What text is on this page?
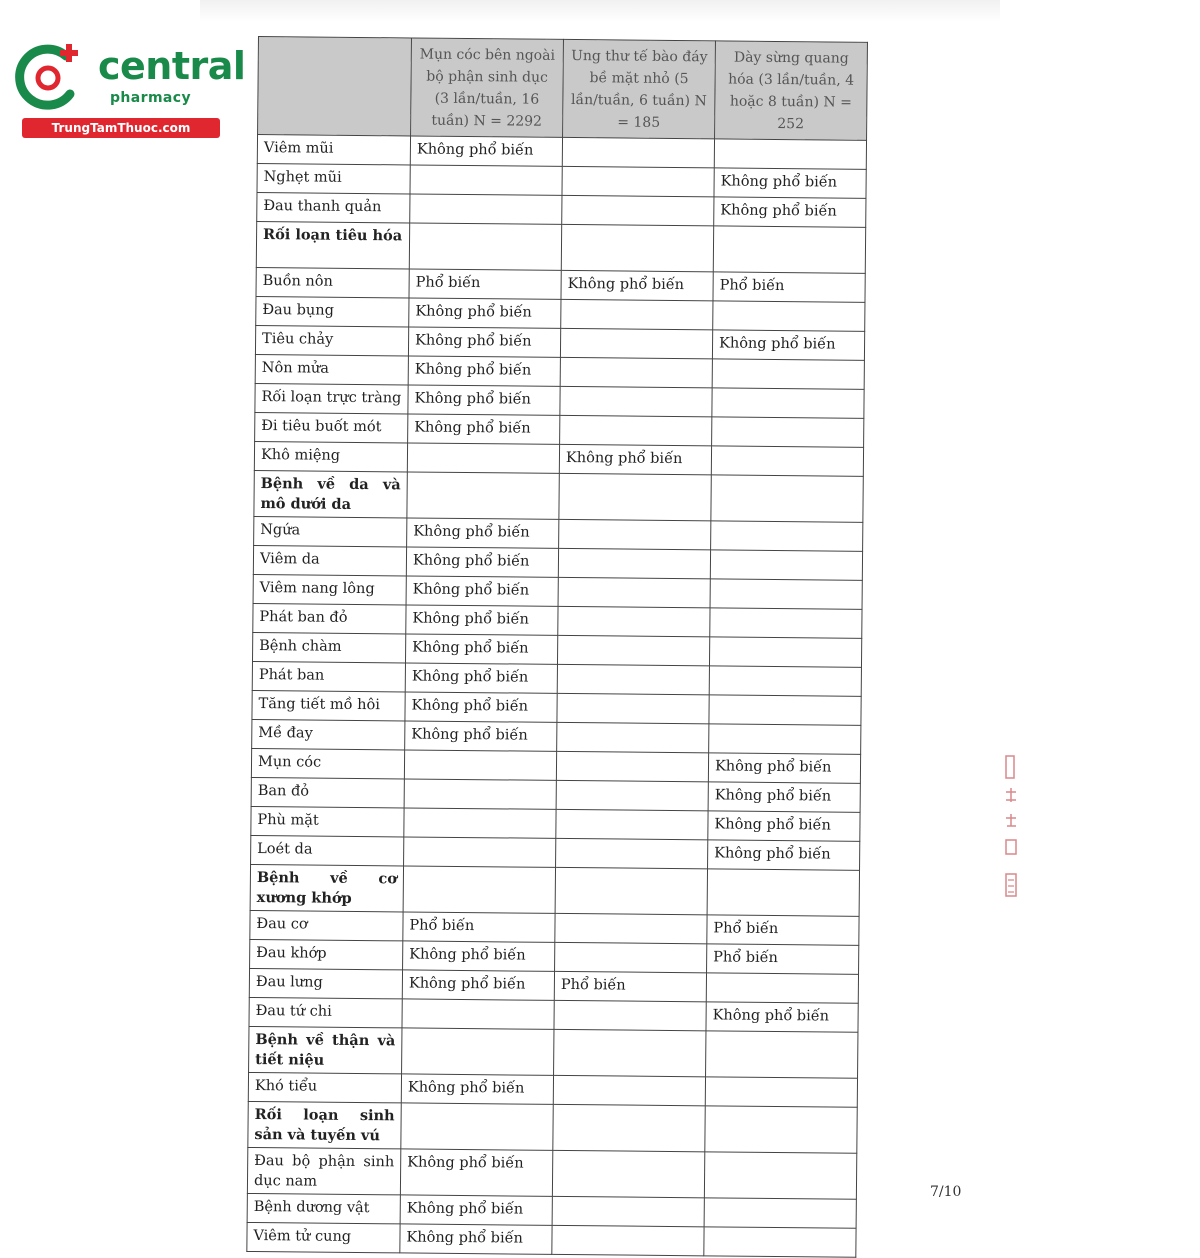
central
pharmacy
TrungTamThuoc.com
	Mụn cóc bên ngoài bộ phận sinh dục (3 lần/tuần, 16 tuần) N = 2292	Ung thư tế bào đáy bề mặt nhỏ (5 lần/tuần, 6 tuần) N = 185	Dày sừng quang hóa (3 lần/tuần, 4 hoặc 8 tuần) N = 252
Viêm mũi	Không phổ biến		
Nghẹt mũi			Không phổ biến
Đau thanh quản			Không phổ biến
Rối loạn tiêu hóa			
Buồn nôn	Phổ biến	Không phổ biến	Phổ biến
Đau bụng	Không phổ biến		
Tiêu chảy	Không phổ biến		Không phổ biến
Nôn mửa	Không phổ biến		
Rối loạn trực tràng	Không phổ biến		
Đi tiêu buốt mót	Không phổ biến		
Khô miệng		Không phổ biến	
Bệnh về da và mô dưới da			
Ngứa	Không phổ biến		
Viêm da	Không phổ biến		
Viêm nang lông	Không phổ biến		
Phát ban đỏ	Không phổ biến		
Bệnh chàm	Không phổ biến		
Phát ban	Không phổ biến		
Tăng tiết mồ hôi	Không phổ biến		
Mề đay	Không phổ biến		
Mụn cóc			Không phổ biến
Ban đỏ			Không phổ biến
Phù mặt			Không phổ biến
Loét da			Không phổ biến
Bệnh về cơ xương khớp			
Đau cơ	Phổ biến		Phổ biến
Đau khớp	Không phổ biến		Phổ biến
Đau lưng	Không phổ biến	Phổ biến	
Đau tứ chi			Không phổ biến
Bệnh về thận và tiết niệu			
Khó tiểu	Không phổ biến		
Rối loạn sinh sản và tuyến vú			
Đau bộ phận sinh dục nam	Không phổ biến		
Bệnh dương vật	Không phổ biến		
Viêm tử cung	Không phổ biến		
7/10
